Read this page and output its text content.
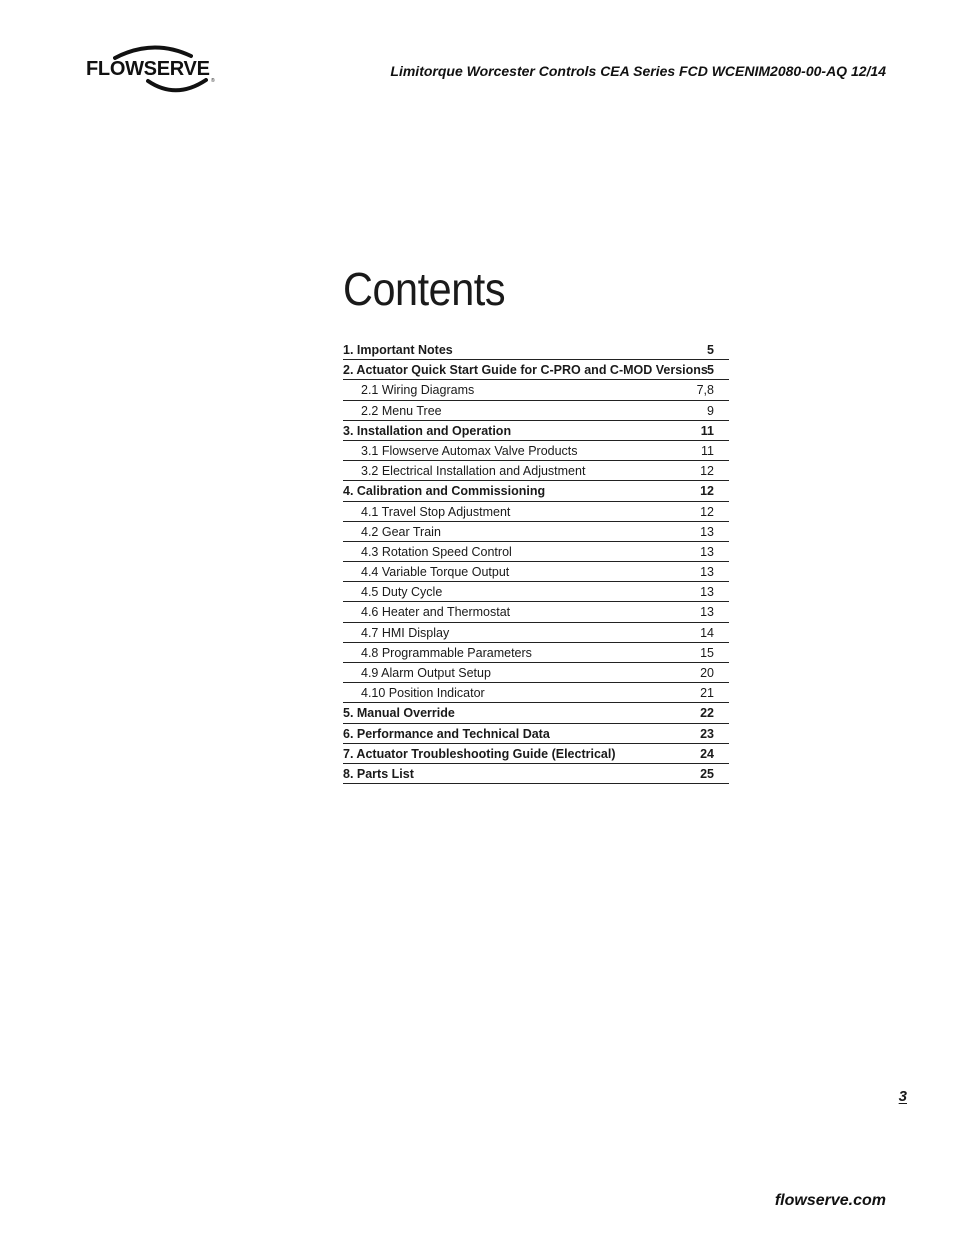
FLOWSERVE
®
Limitorque Worcester Controls CEA Series FCD WCENIM2080-00-AQ 12/14
Contents
1. Important Notes	5
2. Actuator Quick Start Guide for C-PRO and C-MOD Versions 5
2.1 Wiring Diagrams	7,8
2.2 Menu Tree	9
3. Installation and Operation	11
3.1 Flowserve Automax Valve Products	11
3.2 Electrical Installation and Adjustment	12
4. Calibration and Commissioning	12
4.1 Travel Stop Adjustment	12
4.2 Gear Train	13
4.3 Rotation Speed Control	13
4.4 Variable Torque Output	13
4.5 Duty Cycle	13
4.6 Heater and Thermostat	13
4.7 HMI Display	14
4.8 Programmable Parameters	15
4.9 Alarm Output Setup	20
4.10 Position Indicator	21
5. Manual Override	22
6. Performance and Technical Data	23
7. Actuator Troubleshooting Guide (Electrical)	24
8. Parts List	25
3
flowserve.com
